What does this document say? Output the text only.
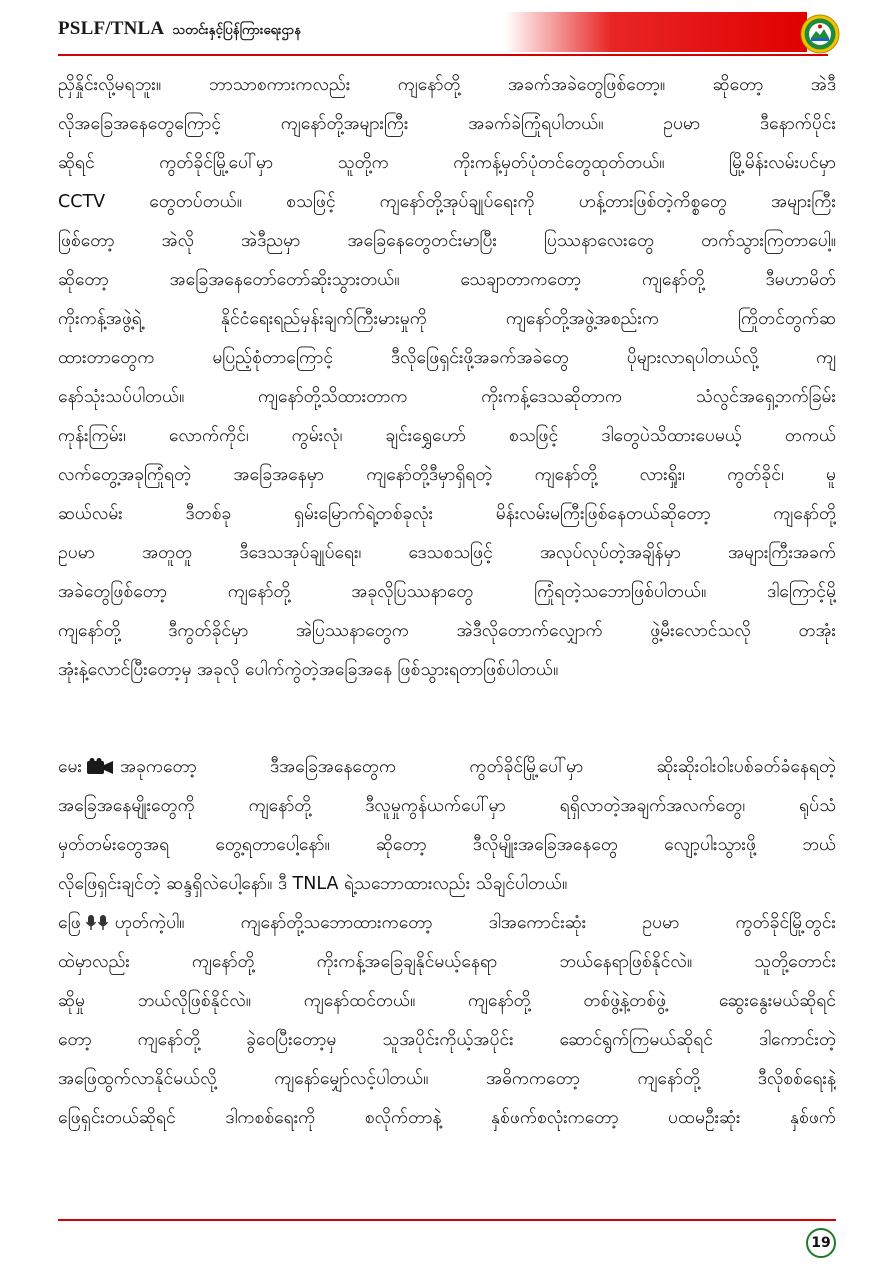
PSLF/TNLA သတင်းနှင့်ပြန်ကြားရေးဌာန
ညှိနှိုင်းလို့မရဘူး။ ဘာသာစကားကလည်း ကျနော်တို့ အခက်အခဲတွေဖြစ်တော့။ ဆိုတော့ အဲဒီ
လိုအခြေအနေတွေကြောင့် ကျနော်တို့အများကြီး အခက်ခဲကြုံရပါတယ်။ ဥပမာ ဒီနောက်ပိုင်း
ဆိုရင် ကွတ်ခိုင်မြို့ပေါ်မှာ သူတို့က ကိုးကန့်မှတ်ပုံတင်တွေထုတ်တယ်။ မြို့မိန်းလမ်းပင်မှာ
CCTV တွေတပ်တယ်။ စသဖြင့် ကျနော်တို့အုပ်ချုပ်ရေးကို ဟန့်တားဖြစ်တဲ့ကိစ္စတွေ အများကြီး
ဖြစ်တော့ အဲလို အဲဒီညမှာ အခြေနေတွေတင်းမာပြီး ပြဿနာလေးတွေ တက်သွားကြတာပေါ့။
ဆိုတော့ အခြေအနေတော်တော်ဆိုးသွားတယ်။ သေချာတာကတော့ ကျနော်တို့ ဒီမဟာမိတ်
ကိုးကန့်အဖွဲ့ရဲ့ နိုင်ငံရေးရည်မှန်းချက်ကြီးမားမှုကို ကျနော်တို့အဖွဲ့အစည်းက ကြိုတင်တွက်ဆ
ထားတာတွေက မပြည့်စုံတာကြောင့် ဒီလိုဖြေရှင်းဖို့အခက်အခဲတွေ ပိုများလာရပါတယ်လို့ ကျ
နော်သုံးသပ်ပါတယ်။ ကျနော်တို့သိထားတာက ကိုးကန့်ဒေသဆိုတာက သံလွင်အရှေ့ဘက်ခြမ်း
ကုန်းကြမ်း၊ လောက်ကိုင်၊ ကွမ်းလုံ၊ ချင်းရွှေဟော် စသဖြင့် ဒါတွေပဲသိထားပေမယ့် တကယ်
လက်တွေ့အခုကြုံရတဲ့ အခြေအနေမှာ ကျနော်တို့ဒီမှာရှိရတဲ့ ကျနော်တို့ လားရှိုး၊ ကွတ်ခိုင်၊ မူ
ဆယ်လမ်း ဒီတစ်ခု ရှမ်းမြောက်ရဲ့တစ်ခုလုံး မိန်းလမ်းမကြီးဖြစ်နေတယ်ဆိုတော့ ကျနော်တို့
ဥပမာ အတူတူ ဒီဒေသအုပ်ချုပ်ရေး၊ ဒေသစသဖြင့် အလုပ်လုပ်တဲ့အချိန်မှာ အများကြီးအခက်
အခဲတွေဖြစ်တော့ ကျနော်တို့ အခုလိုပြဿနာတွေ ကြုံရတဲ့သဘောဖြစ်ပါတယ်။ ဒါကြောင့်မို့
ကျနော်တို့ ဒီကွတ်ခိုင်မှာ အဲပြဿနာတွေက အဲဒီလိုတောက်လျှောက် ဖွဲ့မီးလောင်သလို တအုံး
အုံးနဲ့လောင်ပြီးတော့မှ အခုလို ပေါက်ကွဲတဲ့အခြေအနေ ဖြစ်သွားရတာဖြစ်ပါတယ်။
မေး အခုကတော့ ဒီအခြေအနေတွေက ကွတ်ခိုင်မြို့ပေါ်မှာ ဆိုးဆိုးဝါးဝါးပစ်ခတ်ခံနေရတဲ့
အခြေအနေမျိုးတွေကို ကျနော်တို့ ဒီလူမှုကွန်ယက်ပေါ်မှာ ရရှိလာတဲ့အချက်အလက်တွေ၊ ရုပ်သံ
မှတ်တမ်းတွေအရ တွေ့ရတာပေါ့နော်။ ဆိုတော့ ဒီလိုမျိုးအခြေအနေတွေ လျော့ပါးသွားဖို့ ဘယ်
လိုဖြေရှင်းချင်တဲ့ ဆန္ဒရှိလဲပေါ့နော်။ ဒီ TNLA ရဲ့သဘောထားလည်း သိချင်ပါတယ်။
ဖြေ ဟုတ်ကဲ့ပါ။ ကျနော်တို့သဘောထားကတော့ ဒါအကောင်းဆုံး ဥပမာ ကွတ်ခိုင်မြို့တွင်း
ထဲမှာလည်း ကျနော်တို့ ကိုးကန့်အခြေချနိုင်မယ့်နေရာ ဘယ်နေရာဖြစ်နိုင်လဲ။ သူတို့တောင်း
ဆိုမှု ဘယ်လိုဖြစ်နိုင်လဲ။ ကျနော်ထင်တယ်။ ကျနော်တို့ တစ်ဖွဲ့နဲ့တစ်ဖွဲ့ ဆွေးနွေးမယ်ဆိုရင်
တော့ ကျနော်တို့ ခွဲဝေပြီးတော့မှ သူအပိုင်းကိုယ့်အပိုင်း ဆောင်ရွက်ကြမယ်ဆိုရင် ဒါကောင်းတဲ့
အဖြေထွက်လာနိုင်မယ်လို့ ကျနော်မျှော်လင့်ပါတယ်။ အဓိကကတော့ ကျနော်တို့ ဒီလိုစစ်ရေးနဲ့
ဖြေရှင်းတယ်ဆိုရင် ဒါကစစ်ရေးကို စလိုက်တာနဲ့ နှစ်ဖက်စလုံးကတော့ ပထမဦးဆုံး နှစ်ဖက်
19
